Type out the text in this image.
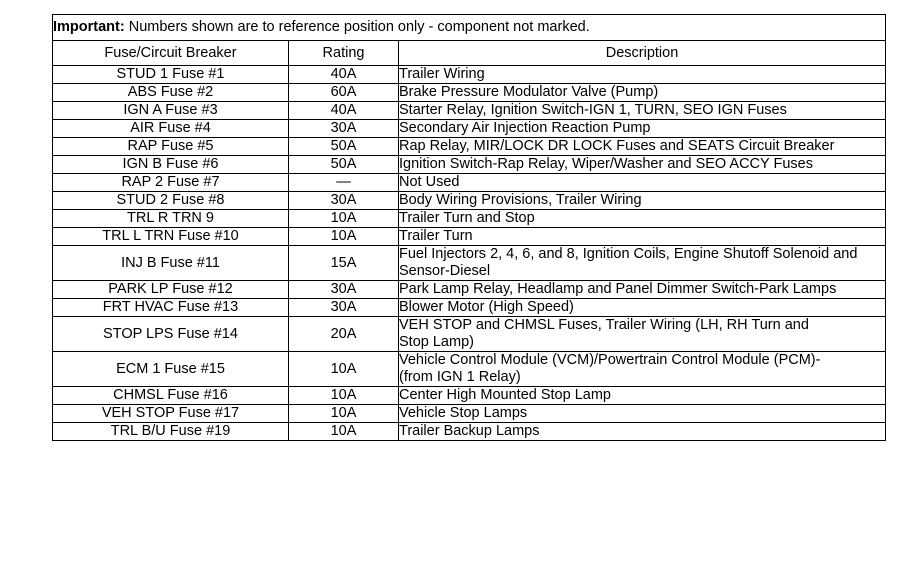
Important: Numbers shown are to reference position only - component not marked.		
Fuse/Circuit Breaker	Rating	Description
STUD 1 Fuse #1	40A	Trailer Wiring

ABS Fuse #2	60A	Brake Pressure Modulator Valve (Pump)

IGN A Fuse #3	40A	Starter Relay, Ignition Switch-IGN 1, TURN, SEO IGN Fuses

AIR Fuse #4	30A	Secondary Air Injection Reaction Pump

RAP Fuse #5	50A	Rap Relay, MIR/LOCK DR LOCK Fuses and SEATS Circuit Breaker

IGN B Fuse #6	50A	Ignition Switch-Rap Relay, Wiper/Washer and SEO ACCY Fuses

RAP 2 Fuse #7	—	Not Used

STUD 2 Fuse #8	30A	Body Wiring Provisions, Trailer Wiring

TRL R TRN 9	10A	Trailer Turn and Stop

TRL L TRN Fuse #10	10A	Trailer Turn

INJ B Fuse #11	15A	Fuel Injectors 2, 4, 6, and 8, Ignition Coils, Engine Shutoff Solenoid and
Sensor-Diesel

PARK LP Fuse #12	30A	Park Lamp Relay, Headlamp and Panel Dimmer Switch-Park Lamps

FRT HVAC Fuse #13	30A	Blower Motor (High Speed)

STOP LPS Fuse #14	20A	VEH STOP and CHMSL Fuses, Trailer Wiring (LH, RH Turn and
Stop Lamp)

ECM 1 Fuse #15	10A	Vehicle Control Module (VCM)/Powertrain Control Module (PCM)-
(from IGN 1 Relay)

CHMSL Fuse #16	10A	Center High Mounted Stop Lamp

VEH STOP Fuse #17	10A	Vehicle Stop Lamps

TRL B/U Fuse #19	10A	Trailer Backup Lamps
